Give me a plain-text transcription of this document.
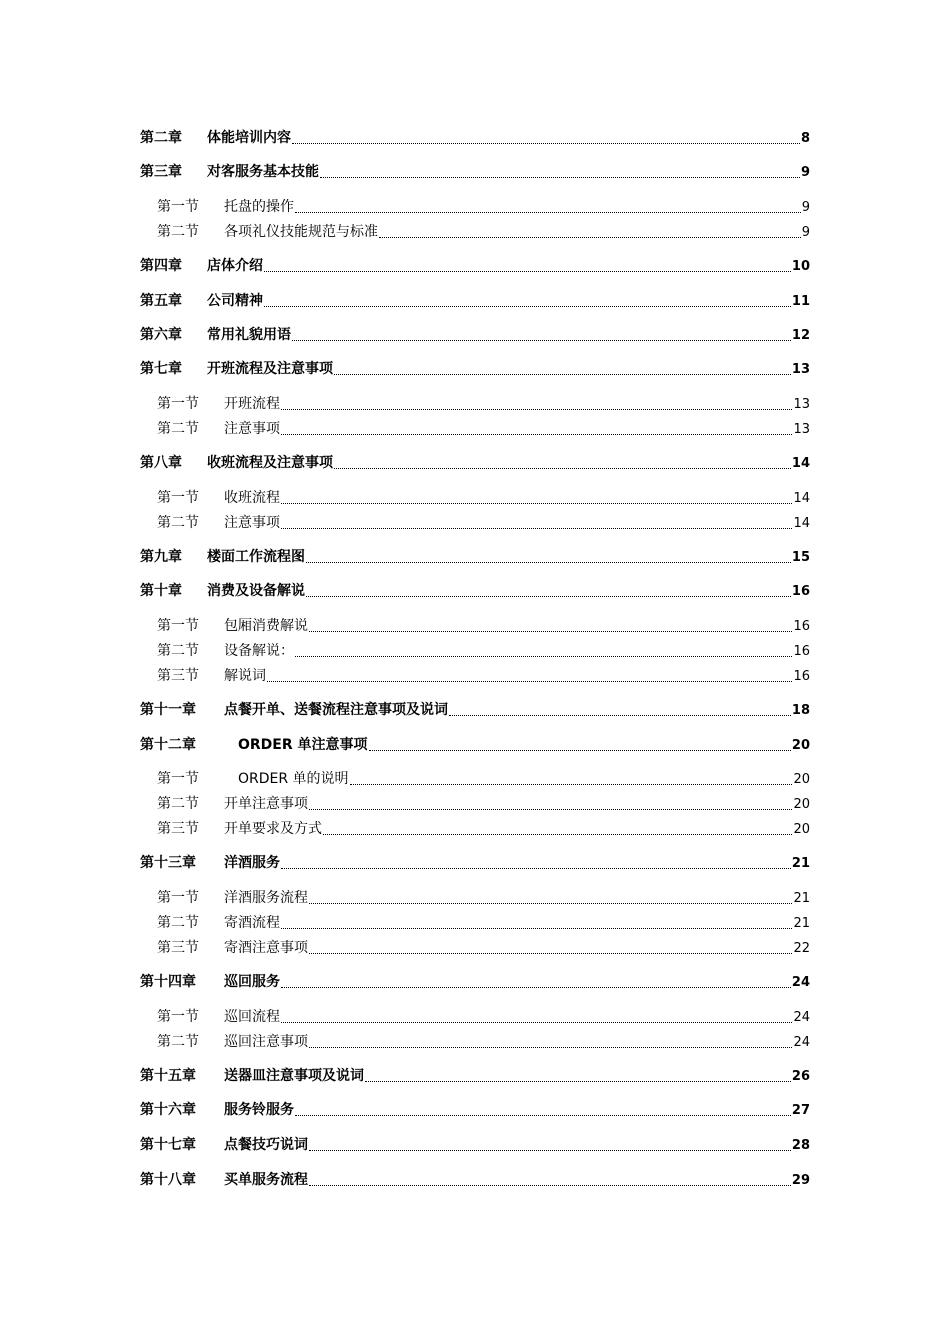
第二章	体能培训内容	8
第三章	对客服务基本技能	9
第一节	托盘的操作	9
第二节	各项礼仪技能规范与标准	9
第四章	店体介绍	10
第五章	公司精神	11
第六章	常用礼貌用语	12
第七章	开班流程及注意事项	13
第一节	开班流程	13
第二节	注意事项	13
第八章	收班流程及注意事项	14
第一节	收班流程	14
第二节	注意事项	14
第九章	楼面工作流程图	15
第十章	消费及设备解说	16
第一节	包厢消费解说	16
第二节	设备解说：	16
第三节	解说词	16
第十一章	点餐开单、送餐流程注意事项及说词	18
第十二章	　ORDER 单注意事项	20
第一节	　ORDER 单的说明	20
第二节	开单注意事项	20
第三节	开单要求及方式	20
第十三章	洋酒服务	21
第一节	洋酒服务流程	21
第二节	寄酒流程	21
第三节	寄酒注意事项	22
第十四章	巡回服务	24
第一节	巡回流程	24
第二节	巡回注意事项	24
第十五章	送器皿注意事项及说词	26
第十六章	服务铃服务	27
第十七章	点餐技巧说词	28
第十八章	买单服务流程	29
